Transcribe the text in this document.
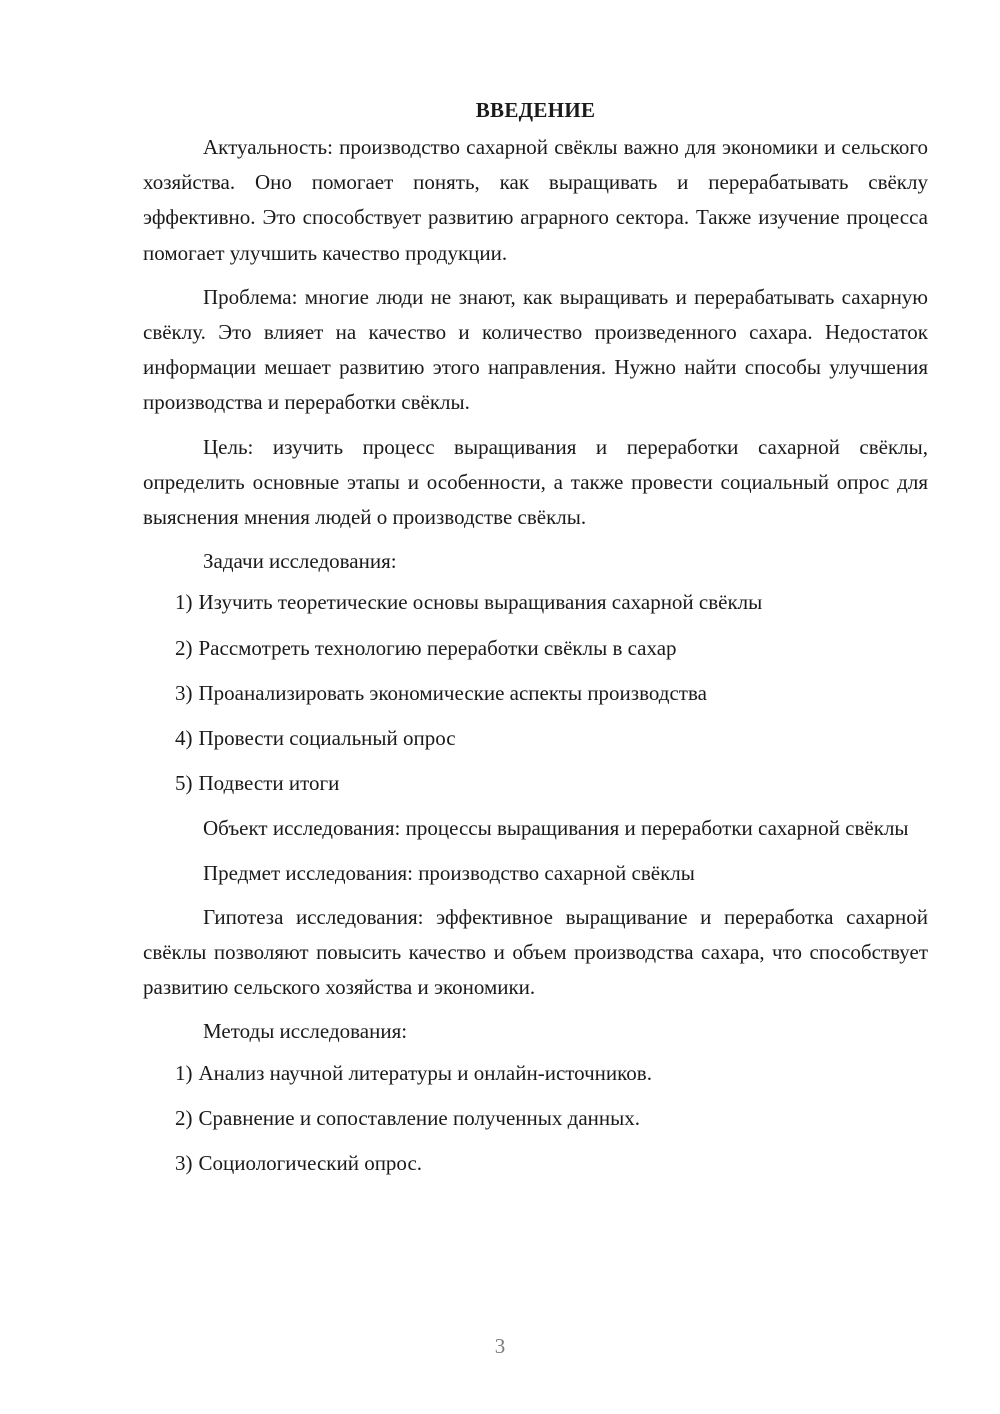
ВВЕДЕНИЕ

Актуальность: производство сахарной свёклы важно для экономики и сельского хозяйства. Оно помогает понять, как выращивать и перерабатывать свёклу эффективно. Это способствует развитию аграрного сектора. Также изучение процесса помогает улучшить качество продукции.

Проблема: многие люди не знают, как выращивать и перерабатывать сахарную свёклу. Это влияет на качество и количество произведенного сахара. Недостаток информации мешает развитию этого направления. Нужно найти способы улучшения производства и переработки свёклы.

Цель: изучить процесс выращивания и переработки сахарной свёклы, определить основные этапы и особенности, а также провести социальный опрос для выяснения мнения людей о производстве свёклы.

Задачи исследования:

1) Изучить теоретические основы выращивания сахарной свёклы
2) Рассмотреть технологию переработки свёклы в сахар
3) Проанализировать экономические аспекты производства
4) Провести социальный опрос
5) Подвести итоги

Объект исследования: процессы выращивания и переработки сахарной свёклы

Предмет исследования: производство сахарной свёклы

Гипотеза исследования: эффективное выращивание и переработка сахарной свёклы позволяют повысить качество и объем производства сахара, что способствует развитию сельского хозяйства и экономики.

Методы исследования:

1) Анализ научной литературы и онлайн-источников.
2) Сравнение и сопоставление полученных данных.
3) Социологический опрос.
3
